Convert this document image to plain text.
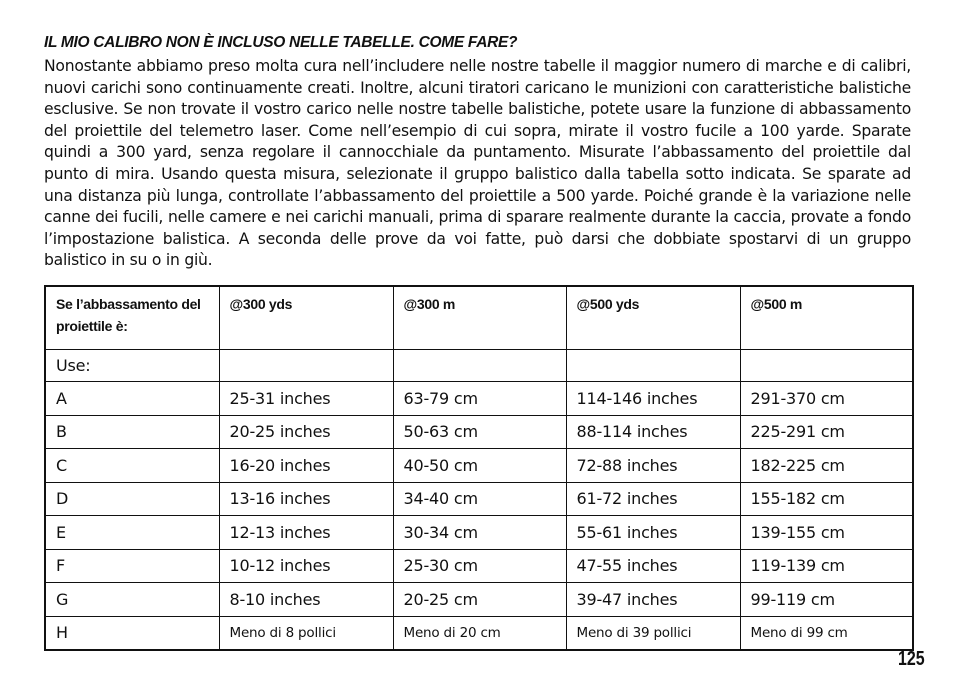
IL MIO CALIBRO NON È INCLUSO NELLE TABELLE. COME FARE?
Nonostante abbiamo preso molta cura nell’includere nelle nostre tabelle il maggior numero di marche e di calibri, nuovi carichi sono continuamente creati. Inoltre, alcuni tiratori caricano le munizioni con caratteristiche balistiche esclusive. Se non trovate il vostro carico nelle nostre tabelle balistiche, potete usare la funzione di abbassamento del proiettile del telemetro laser. Come nell’esempio di cui sopra, mirate il vostro fucile a 100 yarde. Sparate quindi a 300 yard, senza regolare il cannocchiale da puntamento. Misurate l’abbassamento del proiettile dal punto di mira. Usando questa misura, selezionate il gruppo balistico dalla tabella sotto indicata. Se sparate ad una distanza più lunga, controllate l’abbassamento del proiettile a 500 yarde. Poiché grande è la variazione nelle canne dei fucili, nelle camere e nei carichi manuali, prima di sparare realmente durante la caccia, provate a fondo l’impostazione balistica. A seconda delle prove da voi fatte, può darsi che dobbiate spostarvi di un gruppo balistico in su o in giù.
Se l’abbassamento del proiettile è:	@300 yds	@300 m	@500 yds	@500 m
Use:				
A	25-31 inches	63-79 cm	114-146 inches	291-370 cm
B	20-25 inches	50-63 cm	88-114 inches	225-291 cm
C	16-20 inches	40-50 cm	72-88 inches	182-225 cm
D	13-16 inches	34-40 cm	61-72 inches	155-182 cm
E	12-13 inches	30-34 cm	55-61 inches	139-155 cm
F	10-12 inches	25-30 cm	47-55 inches	119-139 cm
G	8-10 inches	20-25 cm	39-47 inches	99-119 cm
H	Meno di 8 pollici	Meno di 20 cm	Meno di 39 pollici	Meno di 99 cm
125
